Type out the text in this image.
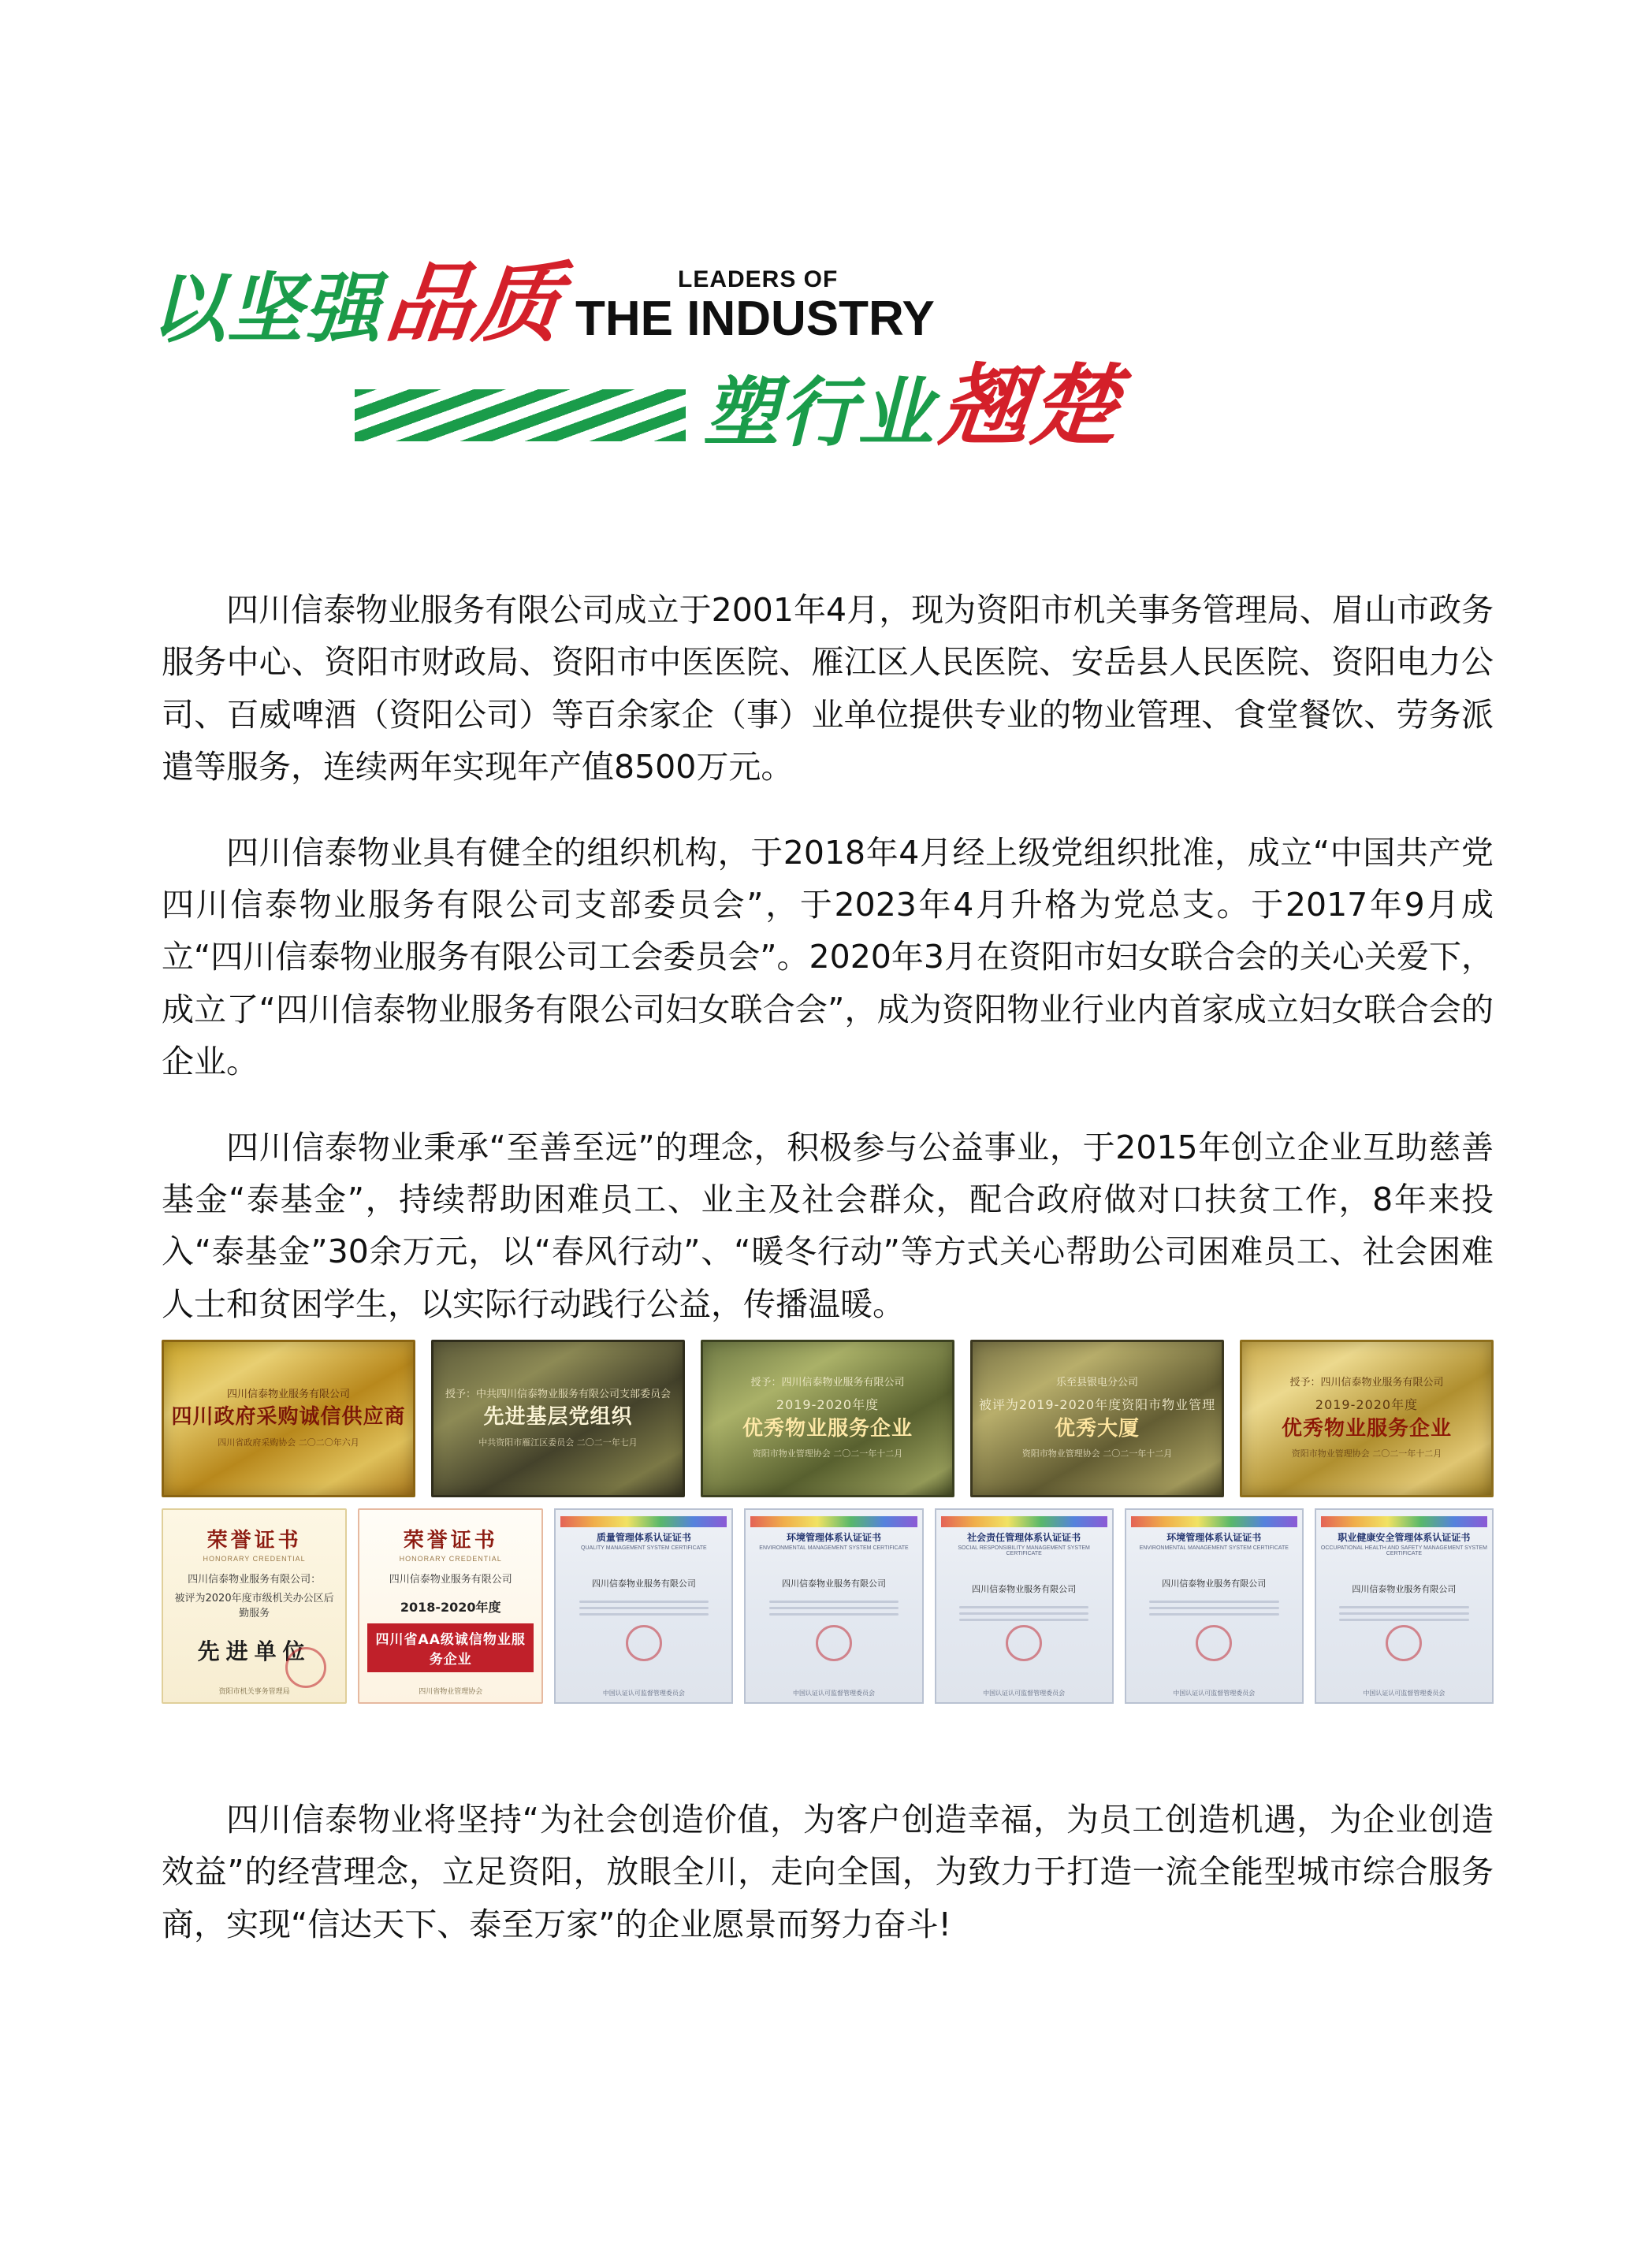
以坚强 品质	LEADERS OF
THE INDUSTRY
塑行业 翘楚

四川信泰物业服务有限公司成立于2001年4月，现为资阳市机关事务管理局、眉山市政务服务中心、资阳市财政局、资阳市中医医院、雁江区人民医院、安岳县人民医院、资阳电力公司、百威啤酒（资阳公司）等百余家企（事）业单位提供专业的物业管理、食堂餐饮、劳务派遣等服务，连续两年实现年产值8500万元。

四川信泰物业具有健全的组织机构，于2018年4月经上级党组织批准，成立“中国共产党四川信泰物业服务有限公司支部委员会”，于2023年4月升格为党总支。于2017年9月成立“四川信泰物业服务有限公司工会委员会”。2020年3月在资阳市妇女联合会的关心关爱下，成立了“四川信泰物业服务有限公司妇女联合会”，成为资阳物业行业内首家成立妇女联合会的企业。

四川信泰物业秉承“至善至远”的理念，积极参与公益事业，于2015年创立企业互助慈善基金“泰基金”，持续帮助困难员工、业主及社会群众，配合政府做对口扶贫工作，8年来投入“泰基金”30余万元，以“春风行动”、“暖冬行动”等方式关心帮助公司困难员工、社会困难人士和贫困学生，以实际行动践行公益，传播温暖。

四川信泰物业服务有限公司
四川政府采购诚信供应商
四川省政府采购协会 二〇二〇年六月
授予：中共四川信泰物业服务有限公司支部委员会
先进基层党组织
中共资阳市雁江区委员会 二〇二一年七月
授予：四川信泰物业服务有限公司
2019-2020年度
优秀物业服务企业
资阳市物业管理协会 二〇二一年十二月
乐至县银电分公司
被评为2019-2020年度资阳市物业管理
优秀大厦
资阳市物业管理协会 二〇二一年十二月
授予：四川信泰物业服务有限公司
2019-2020年度
优秀物业服务企业
资阳市物业管理协会 二〇二一年十二月
荣誉证书
HONORARY CREDENTIAL
四川信泰物业服务有限公司：
被评为2020年度市级机关办公区后勤服务
先进单位
资阳市机关事务管理局
荣誉证书
HONORARY CREDENTIAL
四川信泰物业服务有限公司
2018-2020年度
四川省AA级诚信物业服务企业
四川省物业管理协会
质量管理体系认证证书
QUALITY MANAGEMENT SYSTEM CERTIFICATE
四川信泰物业服务有限公司
中国认证认可监督管理委员会
环境管理体系认证证书
ENVIRONMENTAL MANAGEMENT SYSTEM CERTIFICATE
四川信泰物业服务有限公司
中国认证认可监督管理委员会
社会责任管理体系认证证书
SOCIAL RESPONSIBILITY MANAGEMENT SYSTEM CERTIFICATE
四川信泰物业服务有限公司
中国认证认可监督管理委员会
环境管理体系认证证书
ENVIRONMENTAL MANAGEMENT SYSTEM CERTIFICATE
四川信泰物业服务有限公司
中国认证认可监督管理委员会
职业健康安全管理体系认证证书
OCCUPATIONAL HEALTH AND SAFETY MANAGEMENT SYSTEM CERTIFICATE
四川信泰物业服务有限公司
中国认证认可监督管理委员会

四川信泰物业将坚持“为社会创造价值，为客户创造幸福，为员工创造机遇，为企业创造效益”的经营理念，立足资阳，放眼全川，走向全国，为致力于打造一流全能型城市综合服务商，实现“信达天下、泰至万家”的企业愿景而努力奋斗!
